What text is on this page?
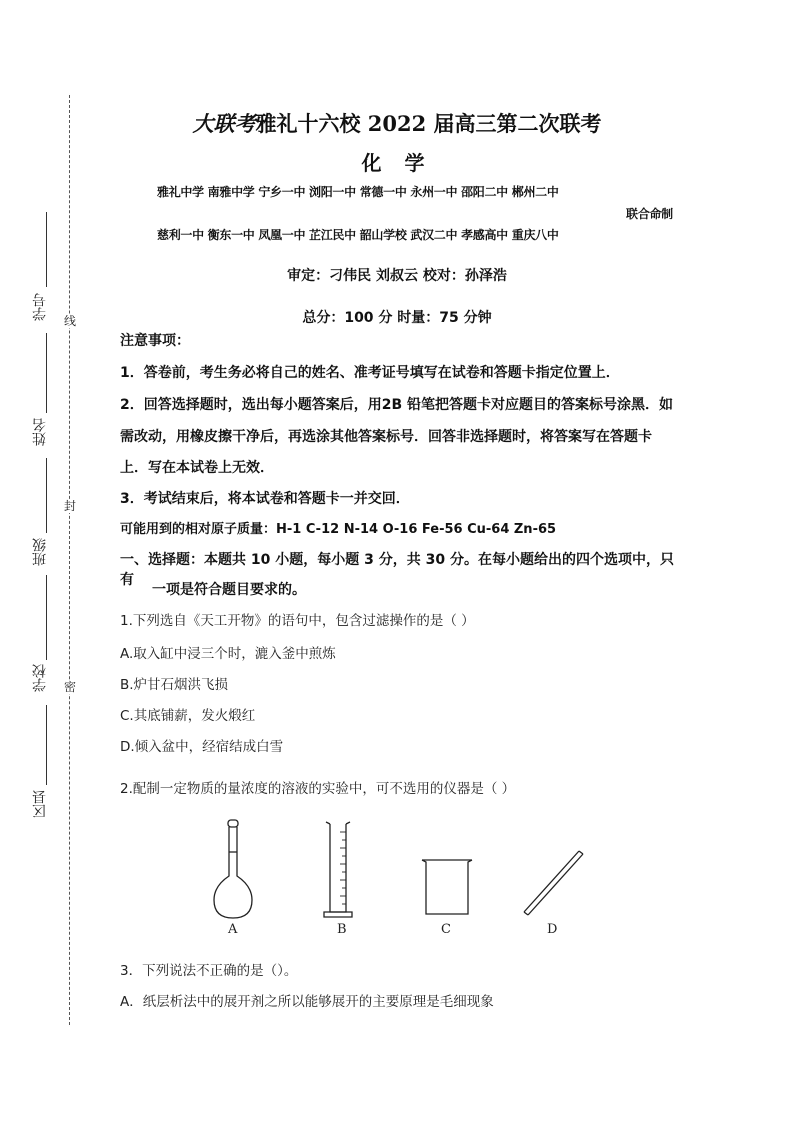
线
封
密
学号
姓名
班级
学校
区县
大联考雅礼十六校 2022 届高三第二次联考
化 学
雅礼中学 南雅中学 宁乡一中 浏阳一中 常德一中 永州一中 邵阳二中 郴州二中
联合命制
慈利一中 衡东一中 凤凰一中 芷江民中 韶山学校 武汉二中 孝感高中 重庆八中
审定：刁伟民 刘叔云 校对：孙泽浩
总分：100 分 时量：75 分钟
注意事项：
1．答卷前，考生务必将自己的姓名、准考证号填写在试卷和答题卡指定位置上．
2．回答选择题时，选出每小题答案后，用2B 铅笔把答题卡对应题目的答案标号涂黑．如
需改动，用橡皮擦干净后，再选涂其他答案标号．回答非选择题时，将答案写在答题卡
上．写在本试卷上无效．
3．考试结束后，将本试卷和答题卡一并交回．
可能用到的相对原子质量：H-1 C-12 N-14 O-16 Fe-56 Cu-64 Zn-65
一、选择题：本题共 10 小题，每小题 3 分，共 30 分。在每小题给出的四个选项中，只有
一项是符合题目要求的。
1.下列选自《天工开物》的语句中，包含过滤操作的是（ ）
A.取入缸中浸三个时，漉入釜中煎炼
B.炉甘石烟洪飞损
C.其底铺薪，发火煅红
D.倾入盆中，经宿结成白雪
2.配制一定物质的量浓度的溶液的实验中，可不选用的仪器是（ ）
A	B	C	D
3．下列说法不正确的是（）。
A．纸层析法中的展开剂之所以能够展开的主要原理是毛细现象
